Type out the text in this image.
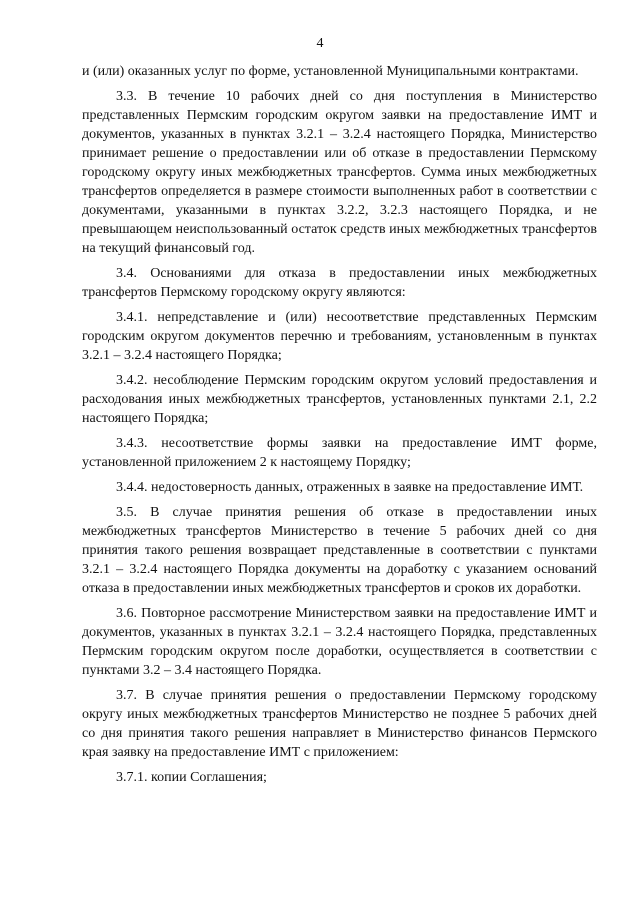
4

и (или) оказанных услуг по форме, установленной Муниципальными контрактами.

3.3. В течение 10 рабочих дней со дня поступления в Министерство представленных Пермским городским округом заявки на предоставление ИМТ и документов, указанных в пунктах 3.2.1 – 3.2.4 настоящего Порядка, Министерство принимает решение о предоставлении или об отказе в предоставлении Пермскому городскому округу иных межбюджетных трансфертов. Сумма иных межбюджетных трансфертов определяется в размере стоимости выполненных работ в соответствии с документами, указанными в пунктах 3.2.2, 3.2.3 настоящего Порядка, и не превышающем неиспользованный остаток средств иных межбюджетных трансфертов на текущий финансовый год.

3.4. Основаниями для отказа в предоставлении иных межбюджетных трансфертов Пермскому городскому округу являются:

3.4.1. непредставление и (или) несоответствие представленных Пермским городским округом документов перечню и требованиям, установленным в пунктах 3.2.1 – 3.2.4 настоящего Порядка;

3.4.2. несоблюдение Пермским городским округом условий предоставления и расходования иных межбюджетных трансфертов, установленных пунктами 2.1, 2.2 настоящего Порядка;

3.4.3. несоответствие формы заявки на предоставление ИМТ форме, установленной приложением 2 к настоящему Порядку;

3.4.4. недостоверность данных, отраженных в заявке на предоставление ИМТ.

3.5. В случае принятия решения об отказе в предоставлении иных межбюджетных трансфертов Министерство в течение 5 рабочих дней со дня принятия такого решения возвращает представленные в соответствии с пунктами 3.2.1 – 3.2.4 настоящего Порядка документы на доработку с указанием оснований отказа в предоставлении иных межбюджетных трансфертов и сроков их доработки.

3.6. Повторное рассмотрение Министерством заявки на предоставление ИМТ и документов, указанных в пунктах 3.2.1 – 3.2.4 настоящего Порядка, представленных Пермским городским округом после доработки, осуществляется в соответствии с пунктами 3.2 – 3.4 настоящего Порядка.

3.7. В случае принятия решения о предоставлении Пермскому городскому округу иных межбюджетных трансфертов Министерство не позднее 5 рабочих дней со дня принятия такого решения направляет в Министерство финансов Пермского края заявку на предоставление ИМТ с приложением:

3.7.1. копии Соглашения;
